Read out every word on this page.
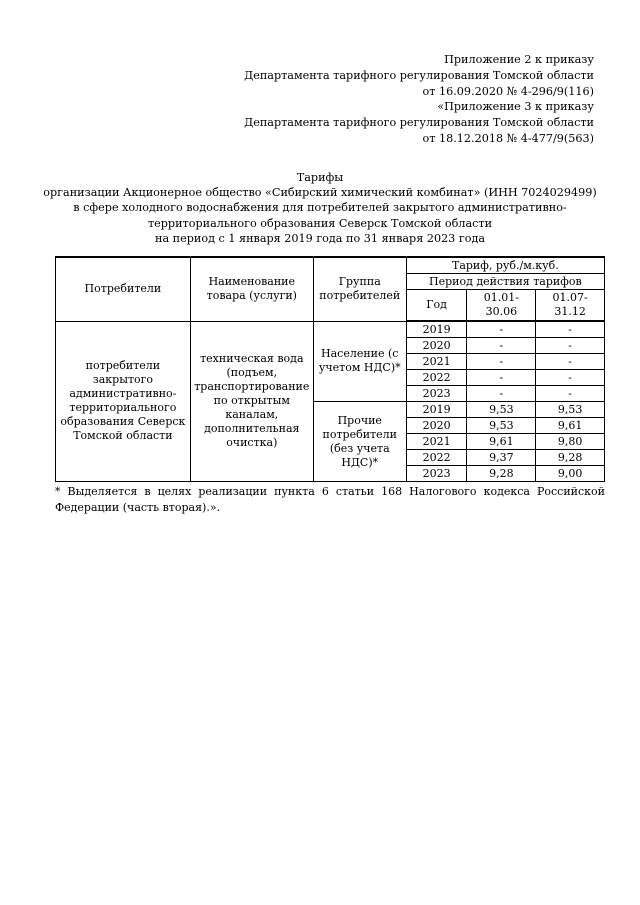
Приложение 2 к приказу
Департамента тарифного регулирования Томской области
от 16.09.2020 № 4-296/9(116)
«Приложение 3 к приказу
Департамента тарифного регулирования Томской области
от 18.12.2018 № 4-477/9(563)
Тарифы
организации Акционерное общество «Сибирский химический комбинат» (ИНН 7024029499)
в сфере холодного водоснабжения для потребителей закрытого административно-
территориального образования Северск Томской области
на период с 1 января 2019 года по 31 января 2023 года
Потребители	Наименование товара (услуги)	Группа потребителей	Тариф, руб./м.куб.		
			Период действия тарифов		
			Год	01.01-30.06	01.07-31.12
потребители закрытого административно-территориального образования Северск Томской области	техническая вода (подъем, транспортирование по открытым каналам, дополнительная очистка)	Население (с учетом НДС)*	2019	-	-
			2020	-	-
			2021	-	-
			2022	-	-
			2023	-	-
		Прочие потребители (без учета НДС)*	2019	9,53	9,53
			2020	9,53	9,61
			2021	9,61	9,80
			2022	9,37	9,28
			2023	9,28	9,00
* Выделяется в целях реализации пункта 6 статьи 168 Налогового кодекса Российской Федерации (часть вторая).».
